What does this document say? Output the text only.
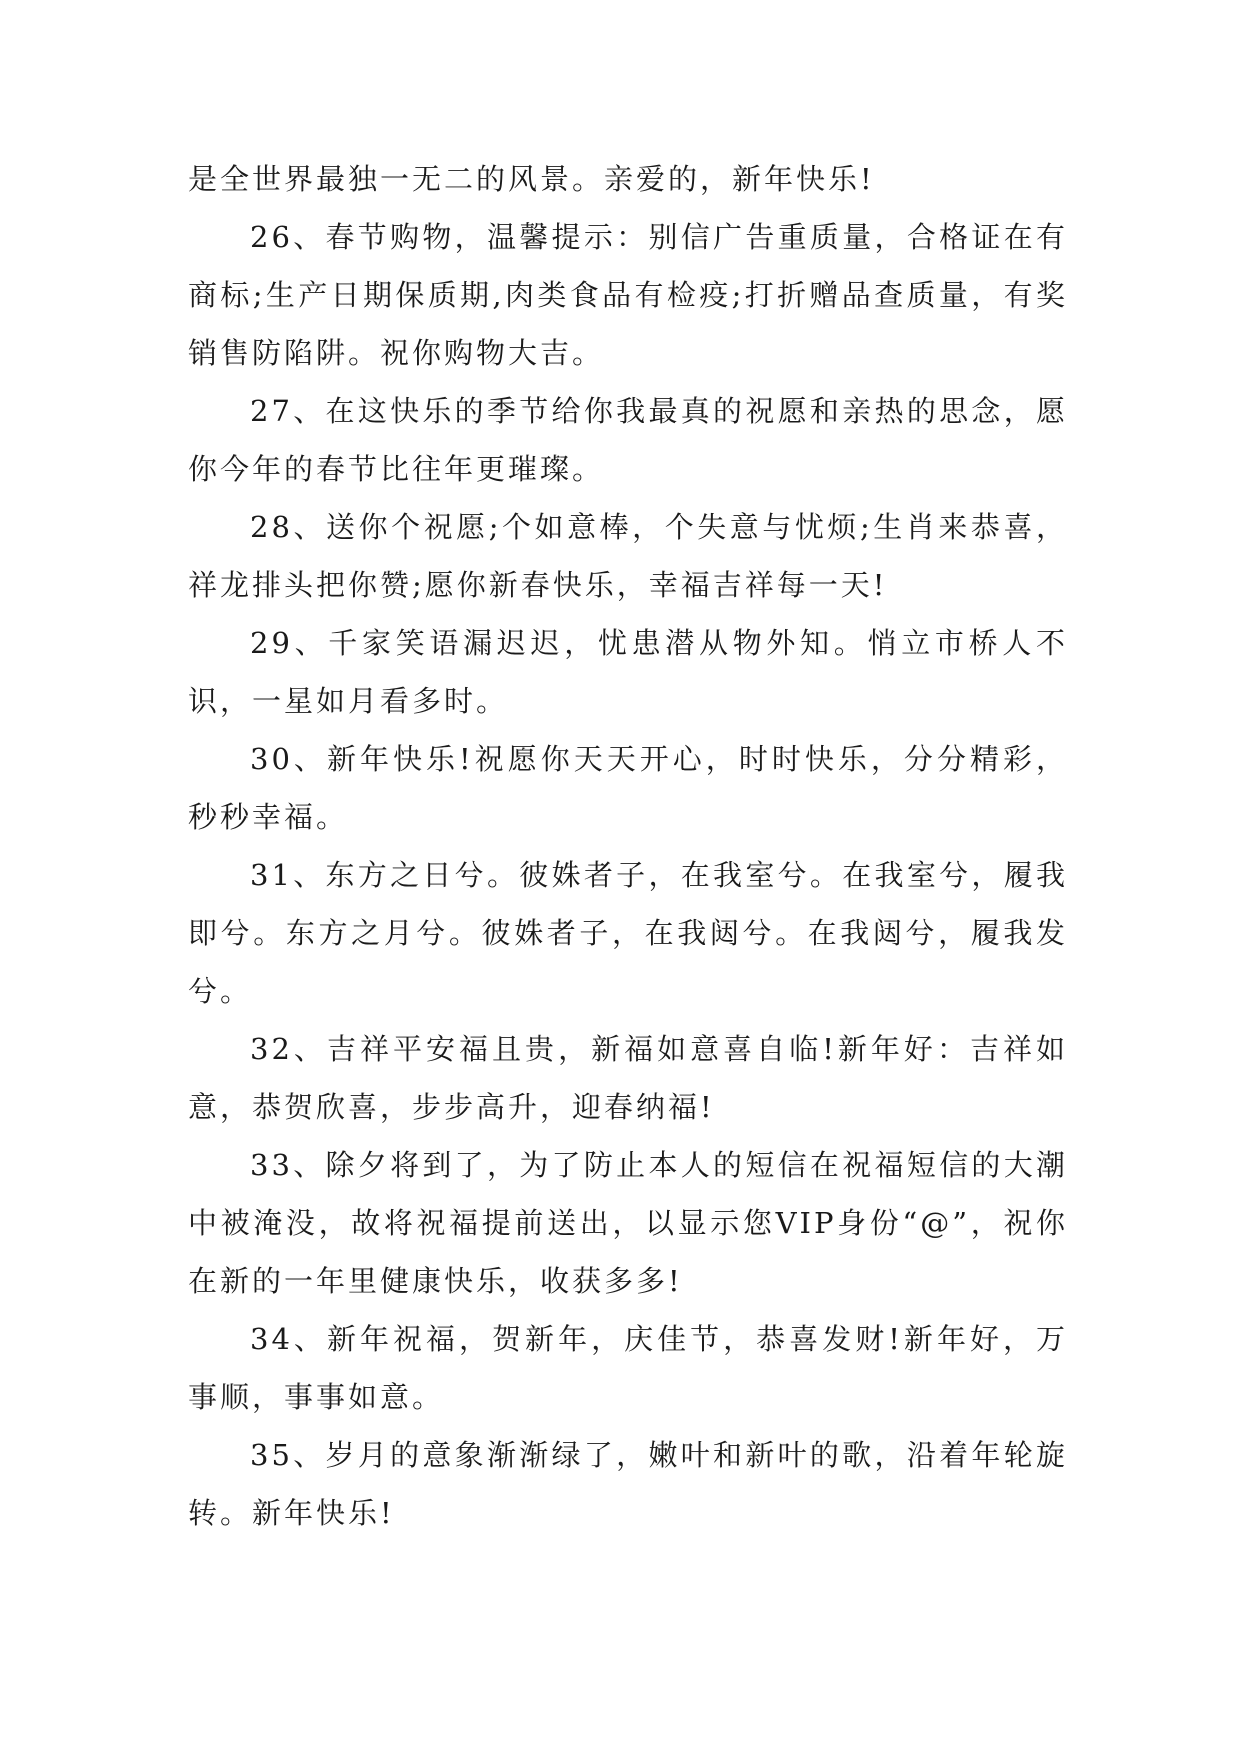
是全世界最独一无二的风景。亲爱的，新年快乐!

26、春节购物，温馨提示：别信广告重质量，合格证在有商标;生产日期保质期,肉类食品有检疫;打折赠品查质量，有奖销售防陷阱。祝你购物大吉。

27、在这快乐的季节给你我最真的祝愿和亲热的思念，愿你今年的春节比往年更璀璨。

28、送你个祝愿;个如意棒，个失意与忧烦;生肖来恭喜，祥龙排头把你赞;愿你新春快乐，幸福吉祥每一天!

29、千家笑语漏迟迟，忧患潜从物外知。悄立市桥人不识，一星如月看多时。

30、新年快乐!祝愿你天天开心，时时快乐，分分精彩，秒秒幸福。

31、东方之日兮。彼姝者子，在我室兮。在我室兮，履我即兮。东方之月兮。彼姝者子，在我闼兮。在我闼兮，履我发兮。

32、吉祥平安福且贵，新福如意喜自临!新年好：吉祥如意，恭贺欣喜，步步高升，迎春纳福!

33、除夕将到了，为了防止本人的短信在祝福短信的大潮中被淹没，故将祝福提前送出，以显示您VIP身份“@”，祝你在新的一年里健康快乐，收获多多!

34、新年祝福，贺新年，庆佳节，恭喜发财!新年好，万事顺，事事如意。

35、岁月的意象渐渐绿了，嫩叶和新叶的歌，沿着年轮旋转。新年快乐!
